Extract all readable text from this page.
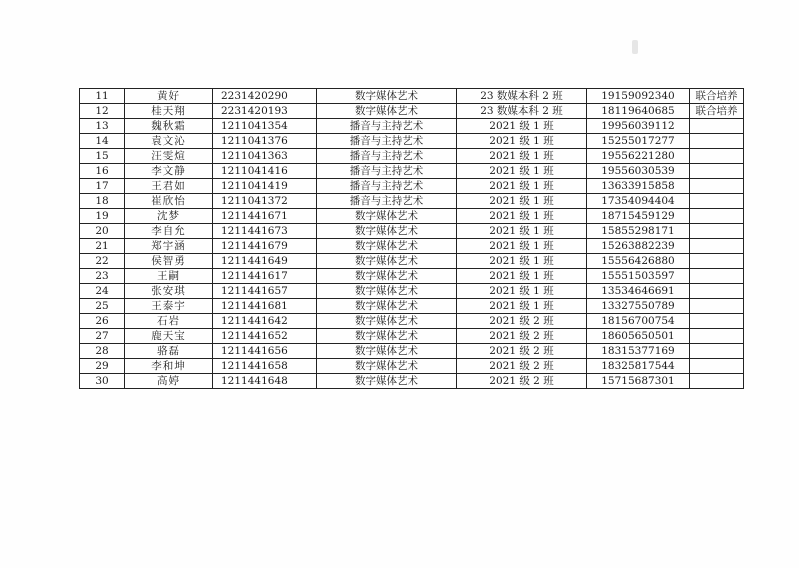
11	黄好	2231420290	数字媒体艺术	23 数媒本科 2 班	19159092340	联合培养
12	桂天翔	2231420193	数字媒体艺术	23 数媒本科 2 班	18119640685	联合培养
13	魏秋霜	1211041354	播音与主持艺术	2021 级 1 班	19956039112	
14	袁文沁	1211041376	播音与主持艺术	2021 级 1 班	15255017277	
15	汪雯煊	1211041363	播音与主持艺术	2021 级 1 班	19556221280	
16	李文静	1211041416	播音与主持艺术	2021 级 1 班	19556030539	
17	王君如	1211041419	播音与主持艺术	2021 级 1 班	13633915858	
18	崔欣怡	1211041372	播音与主持艺术	2021 级 1 班	17354094404	
19	沈梦	1211441671	数字媒体艺术	2021 级 1 班	18715459129	
20	李自允	1211441673	数字媒体艺术	2021 级 1 班	15855298171	
21	郑宇涵	1211441679	数字媒体艺术	2021 级 1 班	15263882239	
22	侯智勇	1211441649	数字媒体艺术	2021 级 1 班	15556426880	
23	王嗣	1211441617	数字媒体艺术	2021 级 1 班	15551503597	
24	张安琪	1211441657	数字媒体艺术	2021 级 1 班	13534646691	
25	王泰宇	1211441681	数字媒体艺术	2021 级 1 班	13327550789	
26	石岩	1211441642	数字媒体艺术	2021 级 2 班	18156700754	
27	鹿天宝	1211441652	数字媒体艺术	2021 级 2 班	18605650501	
28	骆磊	1211441656	数字媒体艺术	2021 级 2 班	18315377169	
29	李和坤	1211441658	数字媒体艺术	2021 级 2 班	18325817544	
30	高婷	1211441648	数字媒体艺术	2021 级 2 班	15715687301	
